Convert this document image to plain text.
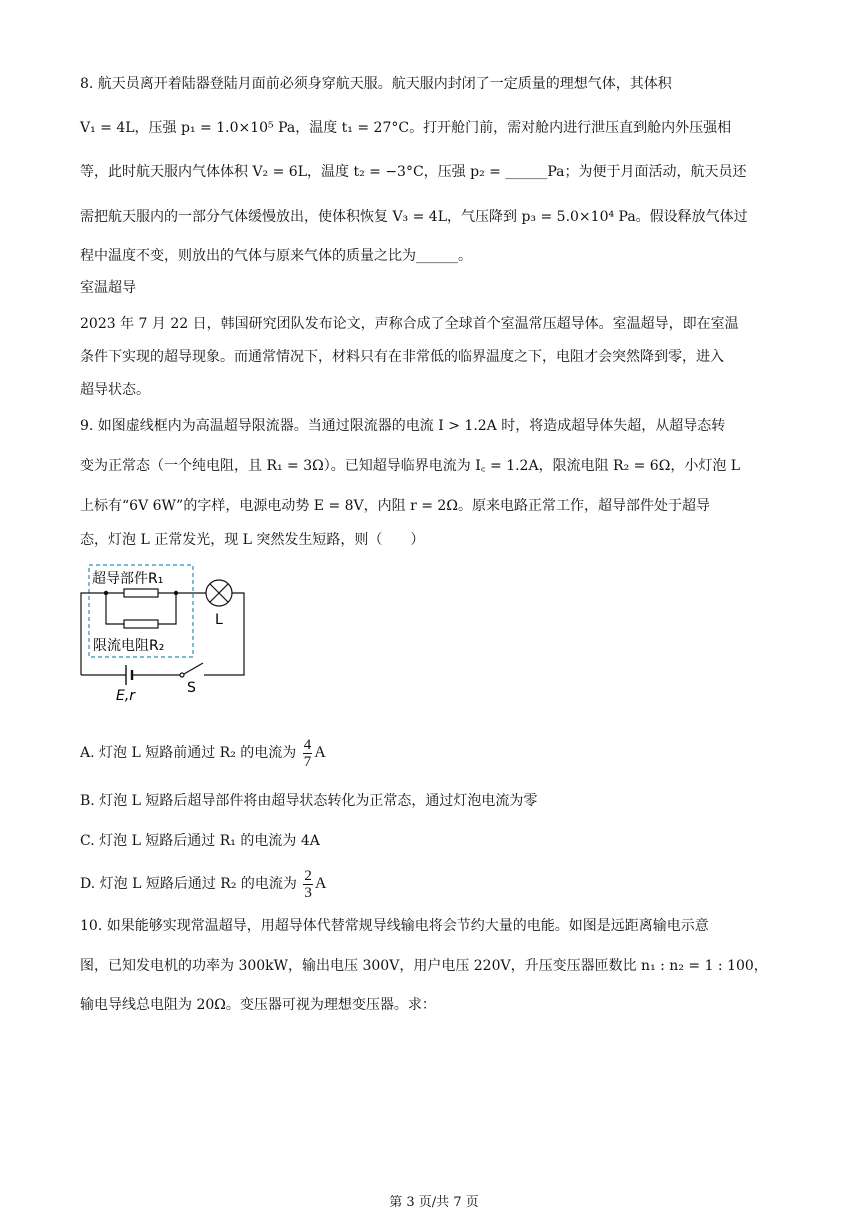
8. 航天员离开着陆器登陆月面前必须身穿航天服。航天服内封闭了一定质量的理想气体，其体积
V₁ = 4L，压强 p₁ = 1.0×10⁵ Pa，温度 t₁ = 27°C。打开舱门前，需对舱内进行泄压直到舱内外压强相
等，此时航天服内气体体积 V₂ = 6L，温度 t₂ = −3°C，压强 p₂ = ______Pa；为便于月面活动，航天员还
需把航天服内的一部分气体缓慢放出，使体积恢复 V₃ = 4L，气压降到 p₃ = 5.0×10⁴ Pa。假设释放气体过
程中温度不变，则放出的气体与原来气体的质量之比为______。
室温超导
2023 年 7 月 22 日，韩国研究团队发布论文，声称合成了全球首个室温常压超导体。室温超导，即在室温
条件下实现的超导现象。而通常情况下，材料只有在非常低的临界温度之下，电阻才会突然降到零，进入
超导状态。
9. 如图虚线框内为高温超导限流器。当通过限流器的电流 I > 1.2A 时，将造成超导体失超，从超导态转
变为正常态（一个纯电阻，且 R₁ = 3Ω）。已知超导临界电流为 I꜀ = 1.2A，限流电阻 R₂ = 6Ω，小灯泡 L
上标有“6V 6W”的字样，电源电动势 E = 8V，内阻 r = 2Ω。原来电路正常工作，超导部件处于超导
态，灯泡 L 正常发光，现 L 突然发生短路，则（　　）
超导部件R₁
限流电阻R₂
L
E,r	S
A. 灯泡 L 短路前通过 R₂ 的电流为 $\frac{4}{7}$ A
B. 灯泡 L 短路后超导部件将由超导状态转化为正常态，通过灯泡电流为零
C. 灯泡 L 短路后通过 R₁ 的电流为 4A
D. 灯泡 L 短路后通过 R₂ 的电流为 $\frac{2}{3}$ A
10. 如果能够实现常温超导，用超导体代替常规导线输电将会节约大量的电能。如图是远距离输电示意
图，已知发电机的功率为 300kW，输出电压 300V，用户电压 220V，升压变压器匝数比 n₁ : n₂ = 1 : 100，
输电导线总电阻为 20Ω。变压器可视为理想变压器。求：
第 3 页/共 7 页
